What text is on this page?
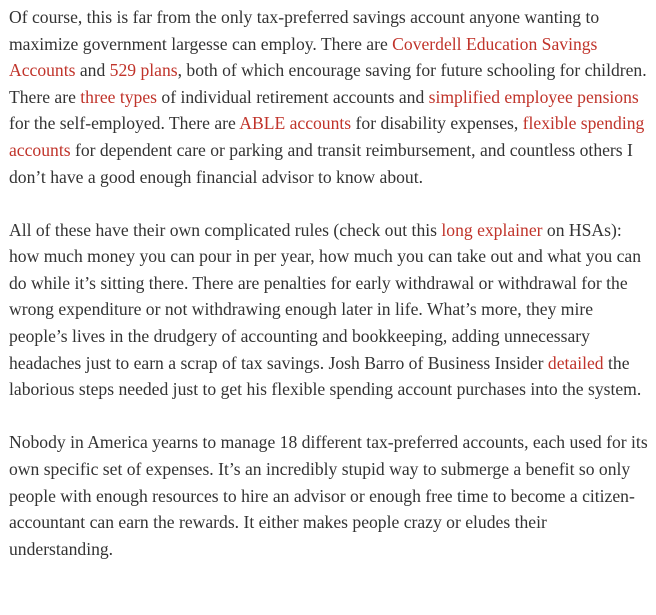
Of course, this is far from the only tax-preferred savings account anyone wanting to maximize government largesse can employ. There are Coverdell Education Savings Accounts and 529 plans, both of which encourage saving for future schooling for children. There are three types of individual retirement accounts and simplified employee pensions for the self-employed. There are ABLE accounts for disability expenses, flexible spending accounts for dependent care or parking and transit reimbursement, and countless others I don’t have a good enough financial advisor to know about.

All of these have their own complicated rules (check out this long explainer on HSAs): how much money you can pour in per year, how much you can take out and what you can do while it’s sitting there. There are penalties for early withdrawal or withdrawal for the wrong expenditure or not withdrawing enough later in life. What’s more, they mire people’s lives in the drudgery of accounting and bookkeeping, adding unnecessary headaches just to earn a scrap of tax savings. Josh Barro of Business Insider detailed the laborious steps needed just to get his flexible spending account purchases into the system.

Nobody in America yearns to manage 18 different tax-preferred accounts, each used for its own specific set of expenses. It’s an incredibly stupid way to submerge a benefit so only people with enough resources to hire an advisor or enough free time to become a citizen-accountant can earn the rewards. It either makes people crazy or eludes their understanding.
